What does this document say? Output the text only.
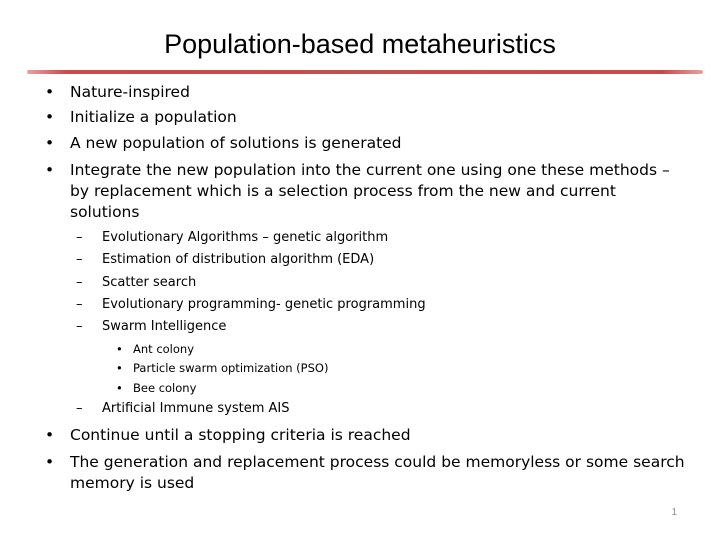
Population-based metaheuristics
• Nature-inspired
• Initialize a population
• A new population of solutions is generated
• Integrate the new population into the current one using one these methods – by replacement which is a selection process from the new and current solutions
– Evolutionary Algorithms – genetic algorithm
– Estimation of distribution algorithm (EDA)
– Scatter search
– Evolutionary programming- genetic programming
– Swarm Intelligence
• Ant colony
• Particle swarm optimization (PSO)
• Bee colony
– Artificial Immune system AIS
• Continue until a stopping criteria is reached
• The generation and replacement process could be memoryless or some search memory is used
1
